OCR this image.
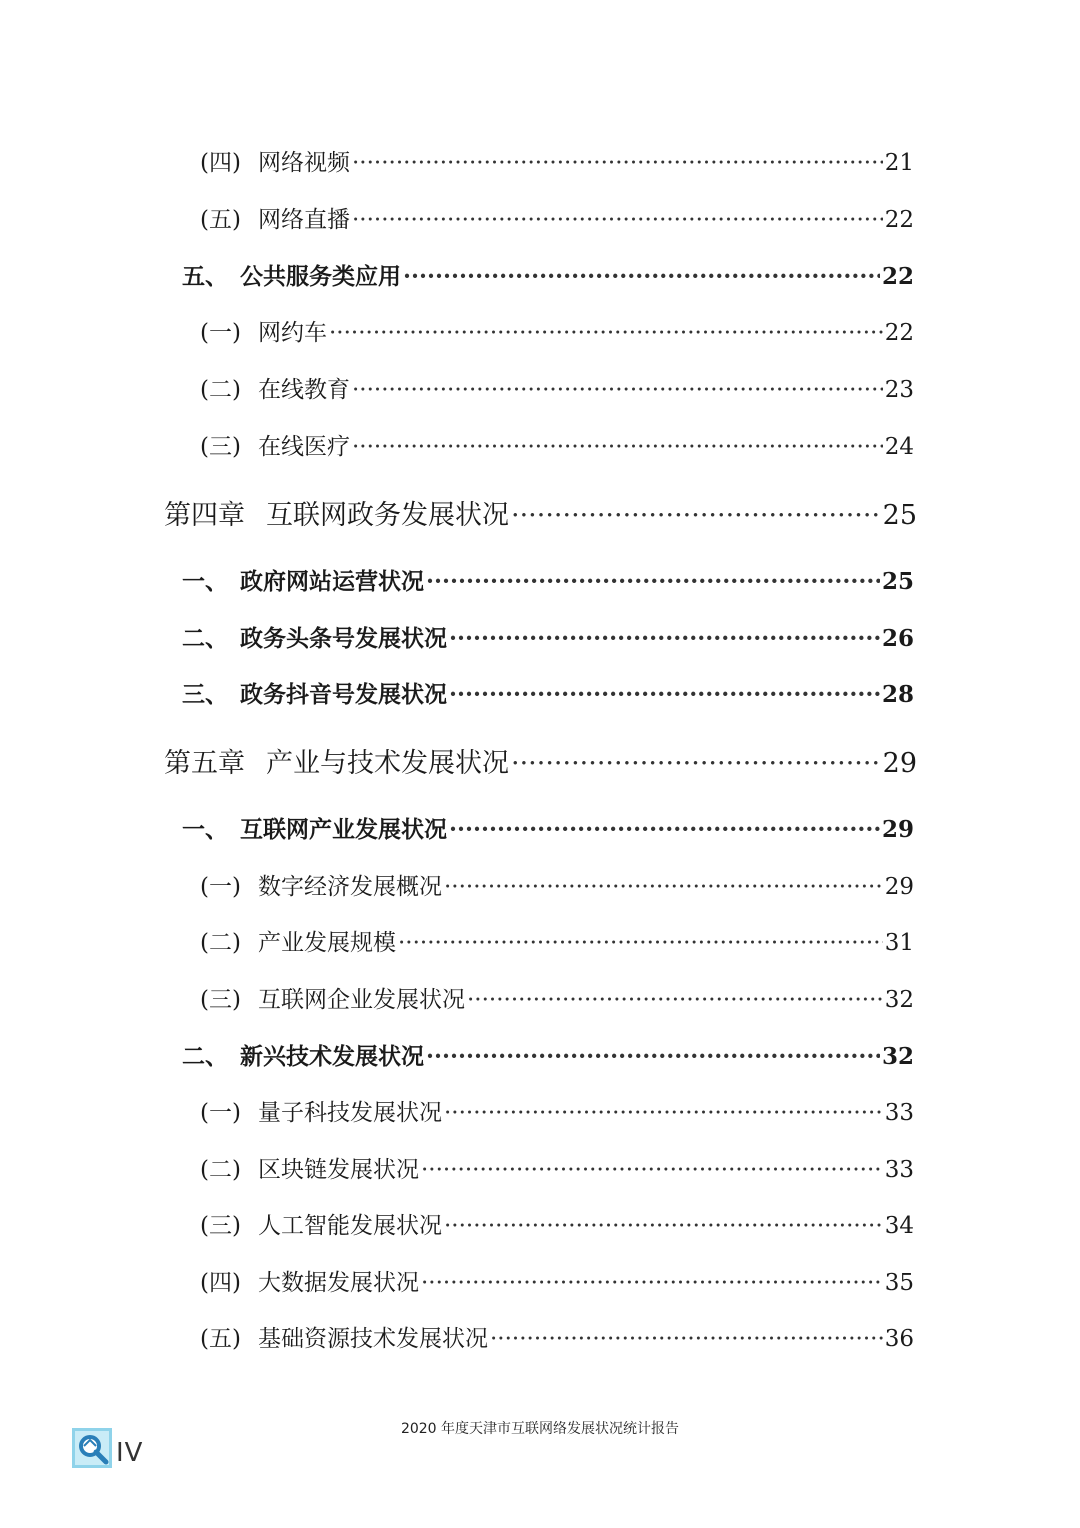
(四) 网络视频 ·····	21
(五) 网络直播 ·····	22
五、 公共服务类应用 ·····	22
(一) 网约车 ·····	22
(二) 在线教育 ·····	23
(三) 在线医疗 ·····	24
第四章 互联网政务发展状况 ·····	25
一、 政府网站运营状况 ·····	25
二、 政务头条号发展状况 ·····	26
三、 政务抖音号发展状况 ·····	28
第五章 产业与技术发展状况 ·····	29
一、 互联网产业发展状况 ·····	29
(一) 数字经济发展概况 ·····	29
(二) 产业发展规模 ·····	31
(三) 互联网企业发展状况 ·····	32
二、 新兴技术发展状况 ·····	32
(一) 量子科技发展状况 ·····	33
(二) 区块链发展状况 ·····	33
(三) 人工智能发展状况 ·····	34
(四) 大数据发展状况 ·····	35
(五) 基础资源技术发展状况 ·····	36
2020 年度天津市互联网络发展状况统计报告
IV
